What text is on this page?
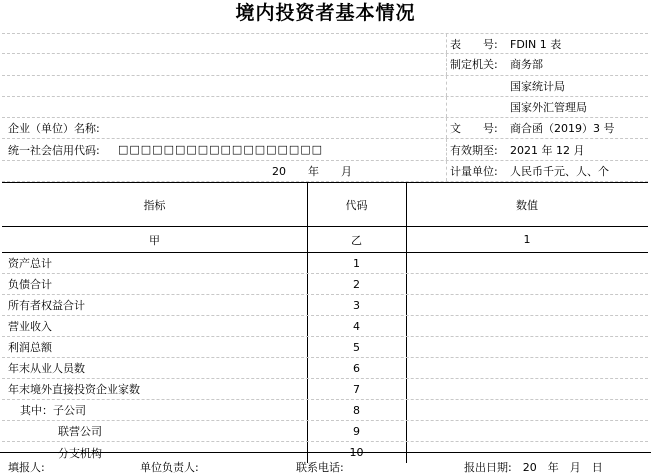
境内投资者基本情况
表　　号: FDIN 1 表
制定机关: 商务部
国家统计局
国家外汇管理局
企业（单位）名称:	文　　号: 商合函（2019）3 号
统一社会信用代码: □□□□□□□□□□□□□□□□□□	有效期至: 2021 年 12 月
20　　年　　月	计量单位: 人民币千元、人、个
指标	代码	数值
甲	乙	1
资产总计	1
负债合计	2
所有者权益合计	3
营业收入	4
利润总额	5
年末从业人员数	6
年末境外直接投资企业家数	7
其中：子公司	8
联营公司	9
分支机构	10
填报人:	单位负责人:	联系电话:	报出日期:　20　年　月　日
